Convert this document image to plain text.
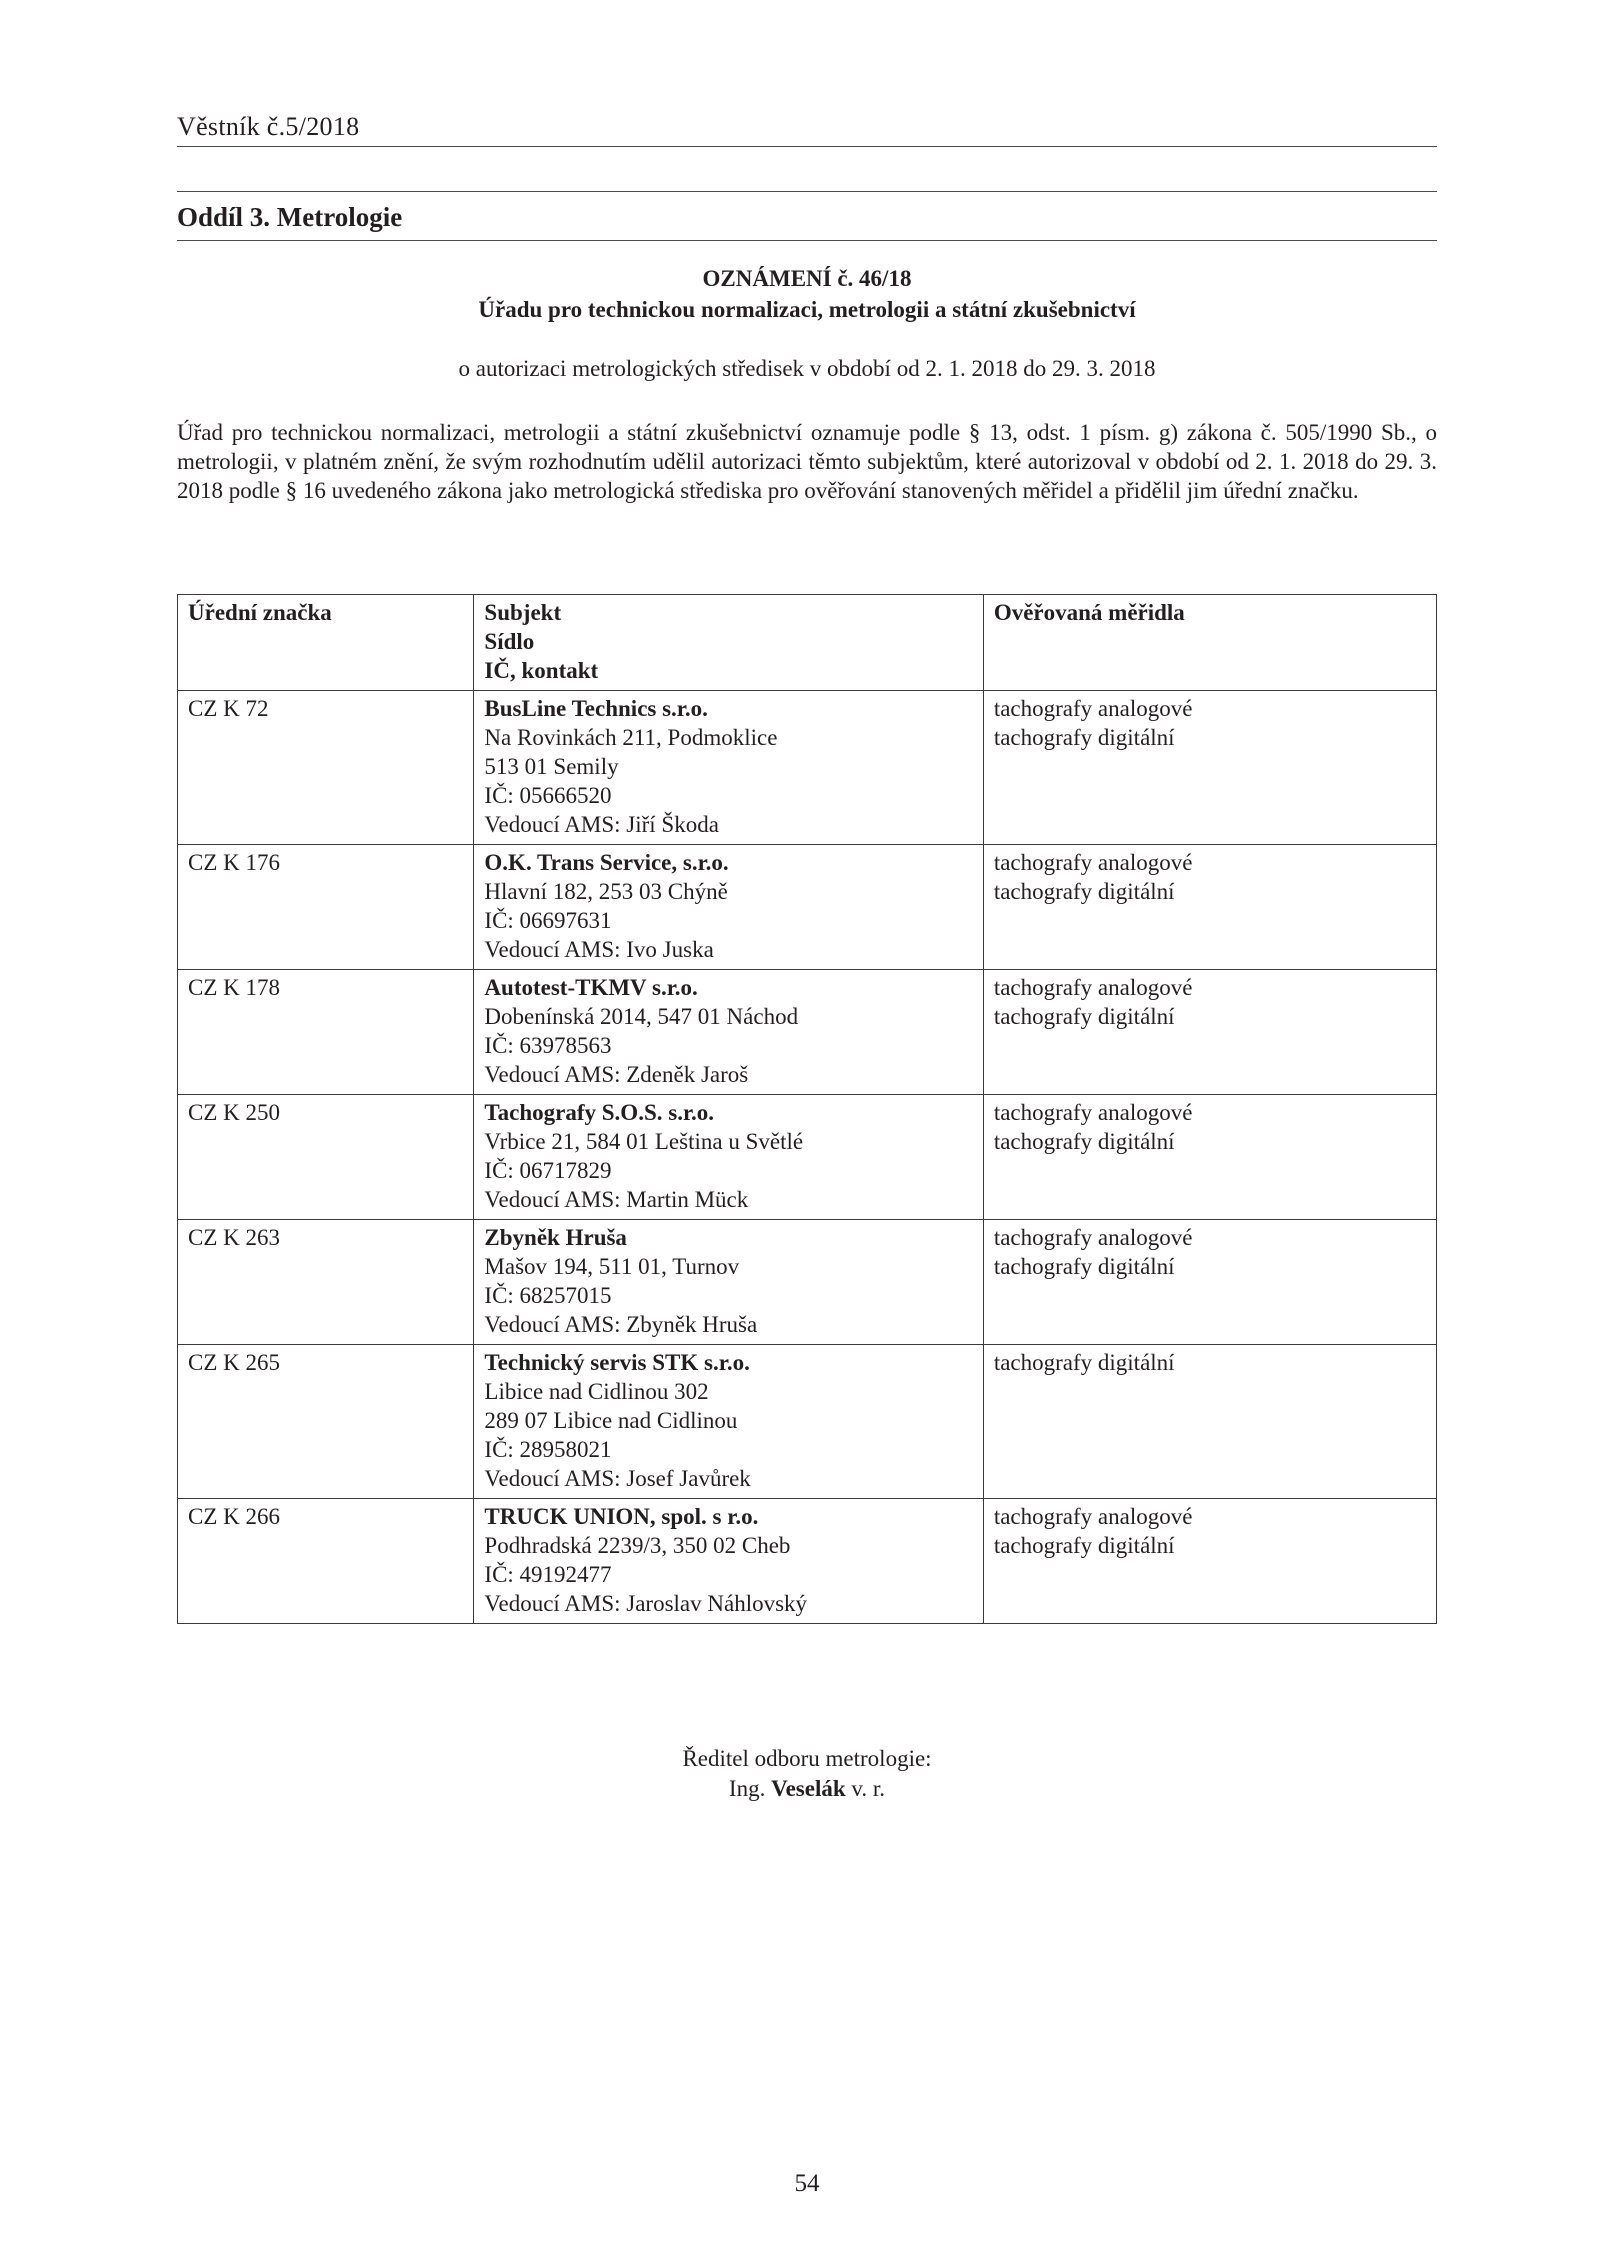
Věstník č.5/2018
Oddíl 3. Metrologie
OZNÁMENÍ č. 46/18
Úřadu pro technickou normalizaci, metrologii a státní zkušebnictví
o autorizaci metrologických středisek v období od 2. 1. 2018 do 29. 3. 2018

Úřad pro technickou normalizaci, metrologii a státní zkušebnictví oznamuje podle § 13, odst. 1 písm. g) zákona č. 505/1990 Sb., o metrologii, v platném znění, že svým rozhodnutím udělil autorizaci těmto subjektům, které autorizoval v období od 2. 1. 2018 do 29. 3. 2018 podle § 16 uvedeného zákona jako metrologická střediska pro ověřování stanovených měřidel a přidělil jim úřední značku.

Úřední značka	Subjekt
Sídlo
IČ, kontakt	Ověřovaná měřidla

CZ K 72	BusLine Technics s.r.o.
Na Rovinkách 211, Podmoklice
513 01 Semily
IČ: 05666520
Vedoucí AMS: Jiří Škoda	tachografy analogové
tachografy digitální

CZ K 176	O.K. Trans Service, s.r.o.
Hlavní 182, 253 03 Chýně
IČ: 06697631
Vedoucí AMS: Ivo Juska	tachografy analogové
tachografy digitální

CZ K 178	Autotest-TKMV s.r.o.
Dobenínská 2014, 547 01 Náchod
IČ: 63978563
Vedoucí AMS: Zdeněk Jaroš	tachografy analogové
tachografy digitální

CZ K 250	Tachografy S.O.S. s.r.o.
Vrbice 21, 584 01 Leština u Světlé
IČ: 06717829
Vedoucí AMS: Martin Mück	tachografy analogové
tachografy digitální

CZ K 263	Zbyněk Hruša
Mašov 194, 511 01, Turnov
IČ: 68257015
Vedoucí AMS: Zbyněk Hruša	tachografy analogové
tachografy digitální

CZ K 265	Technický servis STK s.r.o.
Libice nad Cidlinou 302
289 07 Libice nad Cidlinou
IČ: 28958021
Vedoucí AMS: Josef Javůrek	tachografy digitální

CZ K 266	TRUCK UNION, spol. s r.o.
Podhradská 2239/3, 350 02 Cheb
IČ: 49192477
Vedoucí AMS: Jaroslav Náhlovský	tachografy analogové
tachografy digitální
Ředitel odboru metrologie:
Ing. Veselák v. r.
54
